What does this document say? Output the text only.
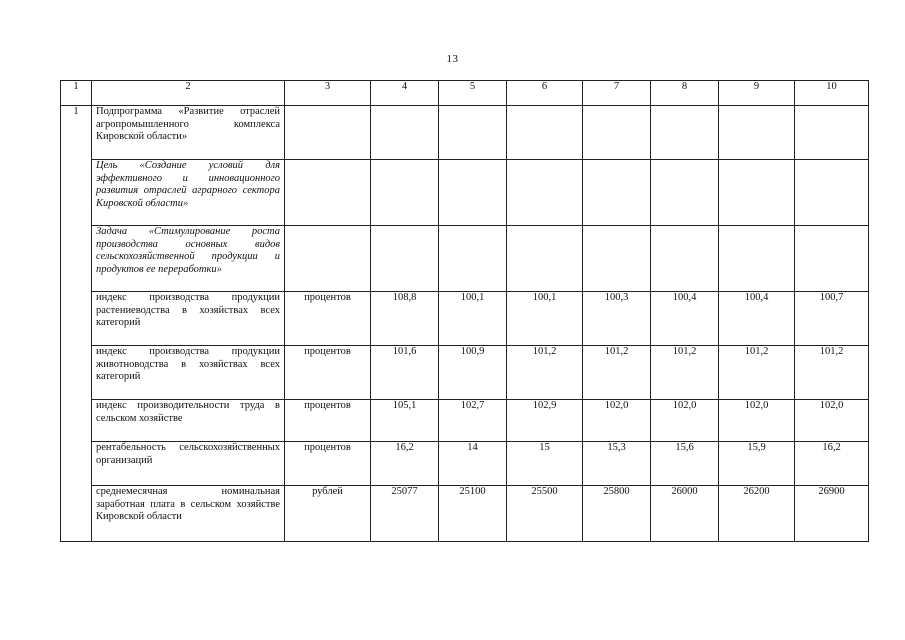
13
1	2	3	4	5	6	7	8	9	10
1	Подпрограмма «Развитие отраслей агропромышленного комплекса Кировской области»								
	Цель «Создание условий для эффективного и инновационного развития отраслей аграрного сектора Кировской области»								
	Задача «Стимулирование роста производства основных видов сельскохозяйственной продукции и продуктов ее переработки»								
	индекс производства продукции растениеводства в хозяйствах всех категорий	процентов	108,8	100,1	100,1	100,3	100,4	100,4	100,7
	индекс производства продукции животноводства в хозяйствах всех категорий	процентов	101,6	100,9	101,2	101,2	101,2	101,2	101,2
	индекс производительности труда в сельском хозяйстве	процентов	105,1	102,7	102,9	102,0	102,0	102,0	102,0
	рентабельность сельскохозяйственных организаций	процентов	16,2	14	15	15,3	15,6	15,9	16,2
	среднемесячная номинальная заработная плата в сельском хозяйстве Кировской области	рублей	25077	25100	25500	25800	26000	26200	26900
